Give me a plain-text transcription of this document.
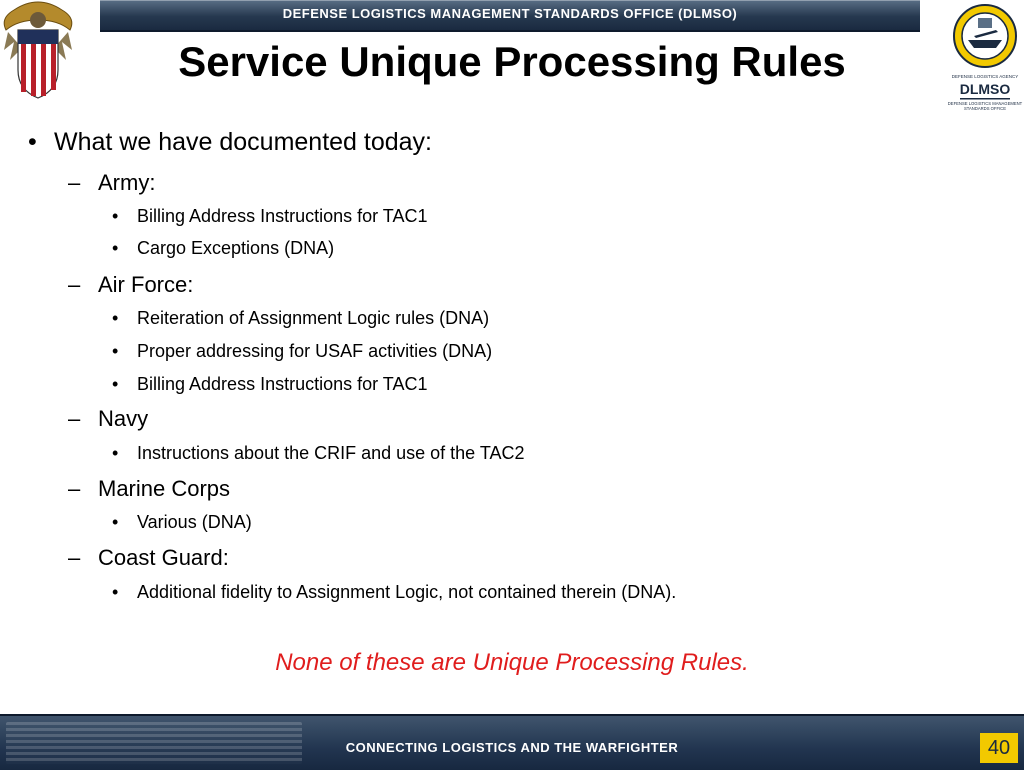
DEFENSE LOGISTICS MANAGEMENT STANDARDS OFFICE (DLMSO)
DEFENSE LOGISTICS AGENCY
DLMSO
DEFENSE LOGISTICS MANAGEMENT
STANDARDS OFFICE
Service Unique Processing Rules
• What we have documented today:
– Army:
• Billing Address Instructions for TAC1
• Cargo Exceptions (DNA)
– Air Force:
• Reiteration of Assignment Logic rules (DNA)
• Proper addressing for USAF activities (DNA)
• Billing Address Instructions for TAC1
– Navy
• Instructions about the CRIF and use of the TAC2
– Marine Corps
• Various (DNA)
– Coast Guard:
• Additional fidelity to Assignment Logic, not contained therein (DNA).
None of these are Unique Processing Rules.
CONNECTING LOGISTICS AND THE WARFIGHTER	40
